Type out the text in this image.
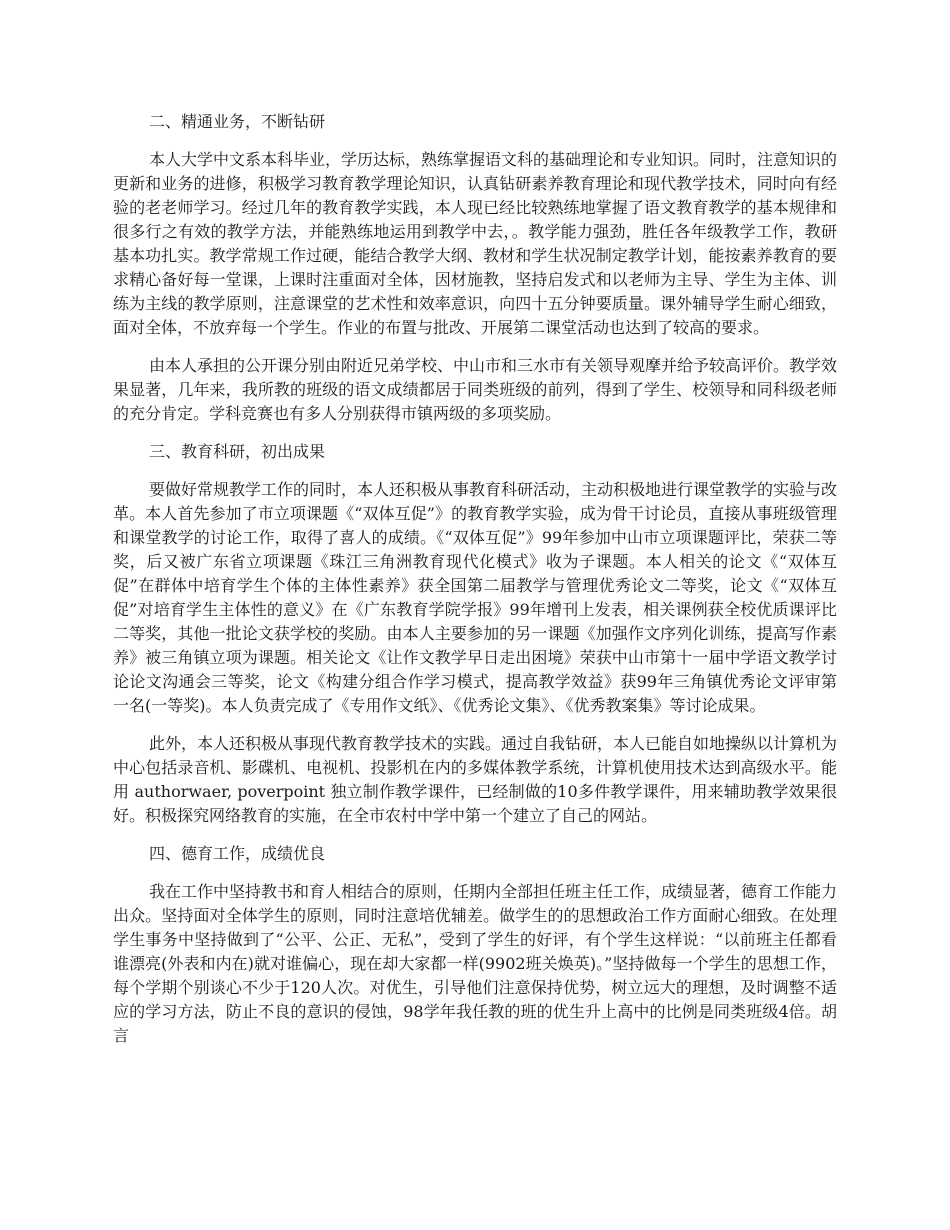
二、精通业务，不断钻研

本人大学中文系本科毕业，学历达标，熟练掌握语文科的基础理论和专业知识。同时，注意知识的更新和业务的进修，积极学习教育教学理论知识，认真钻研素养教育理论和现代教学技术，同时向有经验的老老师学习。经过几年的教育教学实践，本人现已经比较熟练地掌握了语文教育教学的基本规律和很多行之有效的教学方法，并能熟练地运用到教学中去，。教学能力强劲，胜任各年级教学工作，教研基本功扎实。教学常规工作过硬，能结合教学大纲、教材和学生状况制定教学计划，能按素养教育的要求精心备好每一堂课，上课时注重面对全体，因材施教，坚持启发式和以老师为主导、学生为主体、训练为主线的教学原则，注意课堂的艺术性和效率意识，向四十五分钟要质量。课外辅导学生耐心细致，面对全体，不放弃每一个学生。作业的布置与批改、开展第二课堂活动也达到了较高的要求。

由本人承担的公开课分别由附近兄弟学校、中山市和三水市有关领导观摩并给予较高评价。教学效果显著，几年来，我所教的班级的语文成绩都居于同类班级的前列，得到了学生、校领导和同科级老师的充分肯定。学科竞赛也有多人分别获得市镇两级的多项奖励。

三、教育科研，初出成果

要做好常规教学工作的同时，本人还积极从事教育科研活动，主动积极地进行课堂教学的实验与改革。本人首先参加了市立项课题《“双体互促”》的教育教学实验，成为骨干讨论员，直接从事班级管理和课堂教学的讨论工作，取得了喜人的成绩。《“双体互促”》99年参加中山市立项课题评比，荣获二等奖，后又被广东省立项课题《珠江三角洲教育现代化模式》收为子课题。本人相关的论文《“双体互促”在群体中培育学生个体的主体性素养》获全国第二届教学与管理优秀论文二等奖，论文《“双体互促”对培育学生主体性的意义》在《广东教育学院学报》99年增刊上发表，相关课例获全校优质课评比二等奖，其他一批论文获学校的奖励。由本人主要参加的另一课题《加强作文序列化训练，提高写作素养》被三角镇立项为课题。相关论文《让作文教学早日走出困境》荣获中山市第十一届中学语文教学讨论论文沟通会三等奖，论文《构建分组合作学习模式，提高教学效益》获99年三角镇优秀论文评审第一名(一等奖)。本人负责完成了《专用作文纸》、《优秀论文集》、《优秀教案集》等讨论成果。

此外，本人还积极从事现代教育教学技术的实践。通过自我钻研，本人已能自如地操纵以计算机为中心包括录音机、影碟机、电视机、投影机在内的多媒体教学系统，计算机使用技术达到高级水平。能用 authorwaer, poverpoint 独立制作教学课件，已经制做的10多件教学课件，用来辅助教学效果很好。积极探究网络教育的实施，在全市农村中学中第一个建立了自己的网站。

四、德育工作，成绩优良

我在工作中坚持教书和育人相结合的原则，任期内全部担任班主任工作，成绩显著，德育工作能力出众。坚持面对全体学生的原则，同时注意培优辅差。做学生的的思想政治工作方面耐心细致。在处理学生事务中坚持做到了“公平、公正、无私”，受到了学生的好评，有个学生这样说：“以前班主任都看谁漂亮(外表和内在)就对谁偏心，现在却大家都一样(9902班关焕英)。”坚持做每一个学生的思想工作，每个学期个别谈心不少于120人次。对优生，引导他们注意保持优势，树立远大的理想，及时调整不适应的学习方法，防止不良的意识的侵蚀，98学年我任教的班的优生升上高中的比例是同类班级4倍。胡言
